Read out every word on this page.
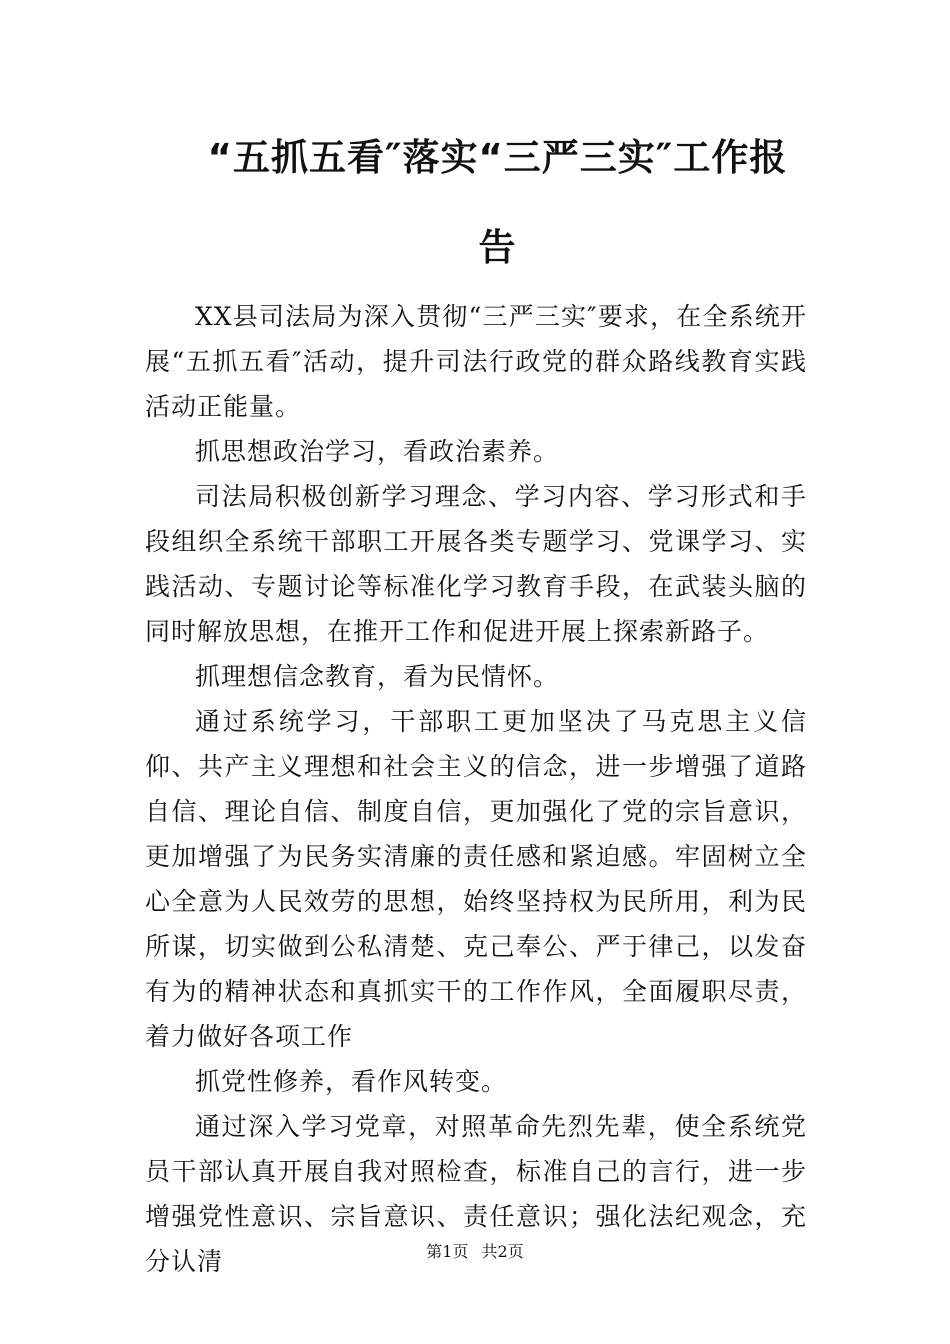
“五抓五看″落实“三严三实″工作报
告

XX县司法局为深入贯彻“三严三实″要求，在全系统开展“五抓五看″活动，提升司法行政党的群众路线教育实践活动正能量。

抓思想政治学习，看政治素养。

司法局积极创新学习理念、学习内容、学习形式和手段组织全系统干部职工开展各类专题学习、党课学习、实践活动、专题讨论等标准化学习教育手段，在武装头脑的同时解放思想，在推开工作和促进开展上探索新路子。

抓理想信念教育，看为民情怀。

通过系统学习，干部职工更加坚决了马克思主义信仰、共产主义理想和社会主义的信念，进一步增强了道路自信、理论自信、制度自信，更加强化了党的宗旨意识，更加增强了为民务实清廉的责任感和紧迫感。牢固树立全心全意为人民效劳的思想，始终坚持权为民所用，利为民所谋，切实做到公私清楚、克己奉公、严于律己，以发奋有为的精神状态和真抓实干的工作作风，全面履职尽责，着力做好各项工作

抓党性修养，看作风转变。

通过深入学习党章，对照革命先烈先辈，使全系统党员干部认真开展自我对照检查，标准自己的言行，进一步增强党性意识、宗旨意识、责任意识；强化法纪观念，充分认清	第1页 共2页
